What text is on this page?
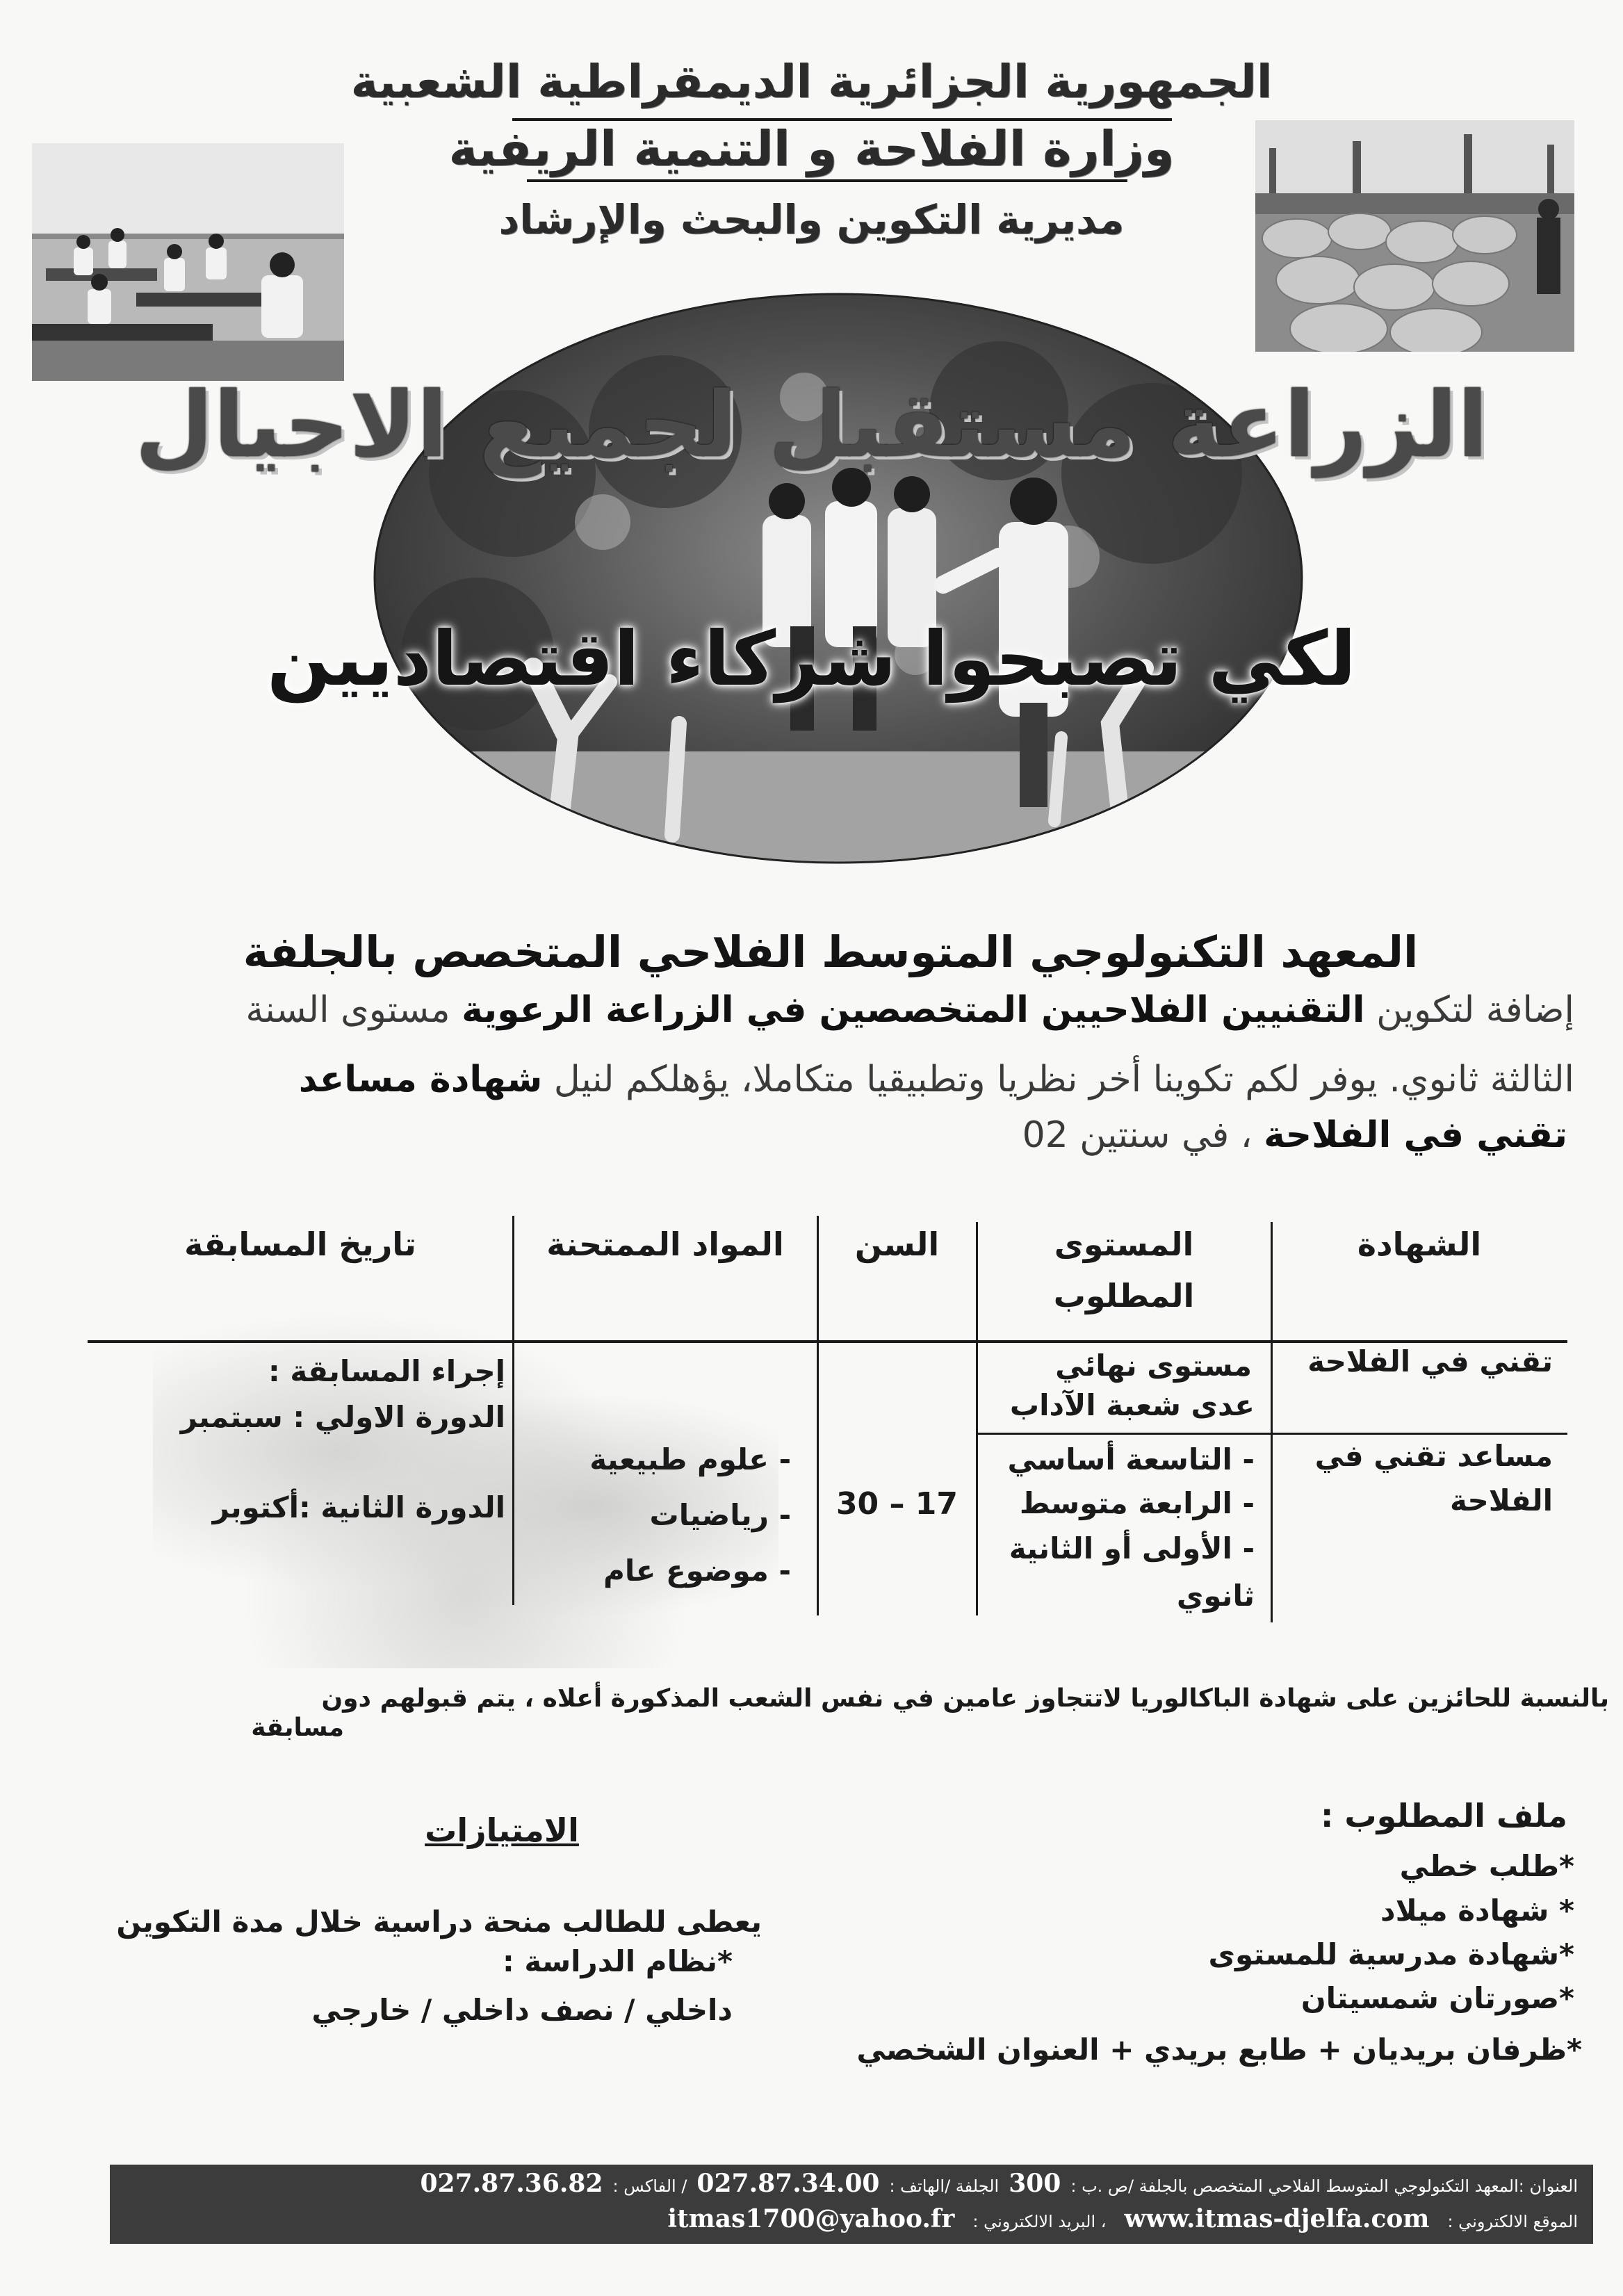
الجمهورية الجزائرية الديمقراطية الشعبية
وزارة الفلاحة و التنمية الريفية
مديرية التكوين والبحث والإرشاد
الزراعة مستقبل لجميع الاجيال
لكي تصبحوا شركاء اقتصاديين
المعهد التكنولوجي المتوسط الفلاحي المتخصص بالجلفة
إضافة لتكوين التقنيين الفلاحيين المتخصصين في الزراعة الرعوية مستوى السنة
الثالثة ثانوي. يوفر لكم تكوينا أخر نظريا وتطبيقيا متكاملا، يؤهلكم لنيل شهادة مساعد
تقني في الفلاحة ، في سنتين 02
الشهادة
المستوى
المطلوب
السن
المواد الممتحنة
تاريخ المسابقة
تقني في الفلاحة
مستوى نهائي
عدى شعبة الآداب
مساعد تقني في
الفلاحة
- التاسعة أساسي
- الرابعة متوسط
- الأولى أو الثانية
ثانوي
30 – 17
- علوم طبيعية
- رياضيات
- موضوع عام
إجراء المسابقة :
الدورة الاولي : سبتمبر
الدورة الثانية :أكتوبر
بالنسبة للحائزين على شهادة الباكالوريا لاتتجاوز عامين في نفس الشعب المذكورة أعلاه ، يتم قبولهم دون
مسابقة
ملف المطلوب :
*طلب خطي
* شهادة ميلاد
*شهادة مدرسية للمستوى
*صورتان شمسيتان
*ظرفان بريديان + طابع بريدي + العنوان الشخصي
الامتيازات
يعطى للطالب منحة دراسية خلال مدة التكوين
*نظام الدراسة :
داخلي / نصف داخلي / خارجي
العنوان :المعهد التكنولوجي المتوسط الفلاحي المتخصص بالجلفة /ص .ب :
300
الجلفة /الهاتف :
027.87.34.00
/ الفاكس :
027.87.36.82
الموقع الالكتروني :
www.itmas-djelfa.com
، البريد الالكتروني :
itmas1700@yahoo.fr
